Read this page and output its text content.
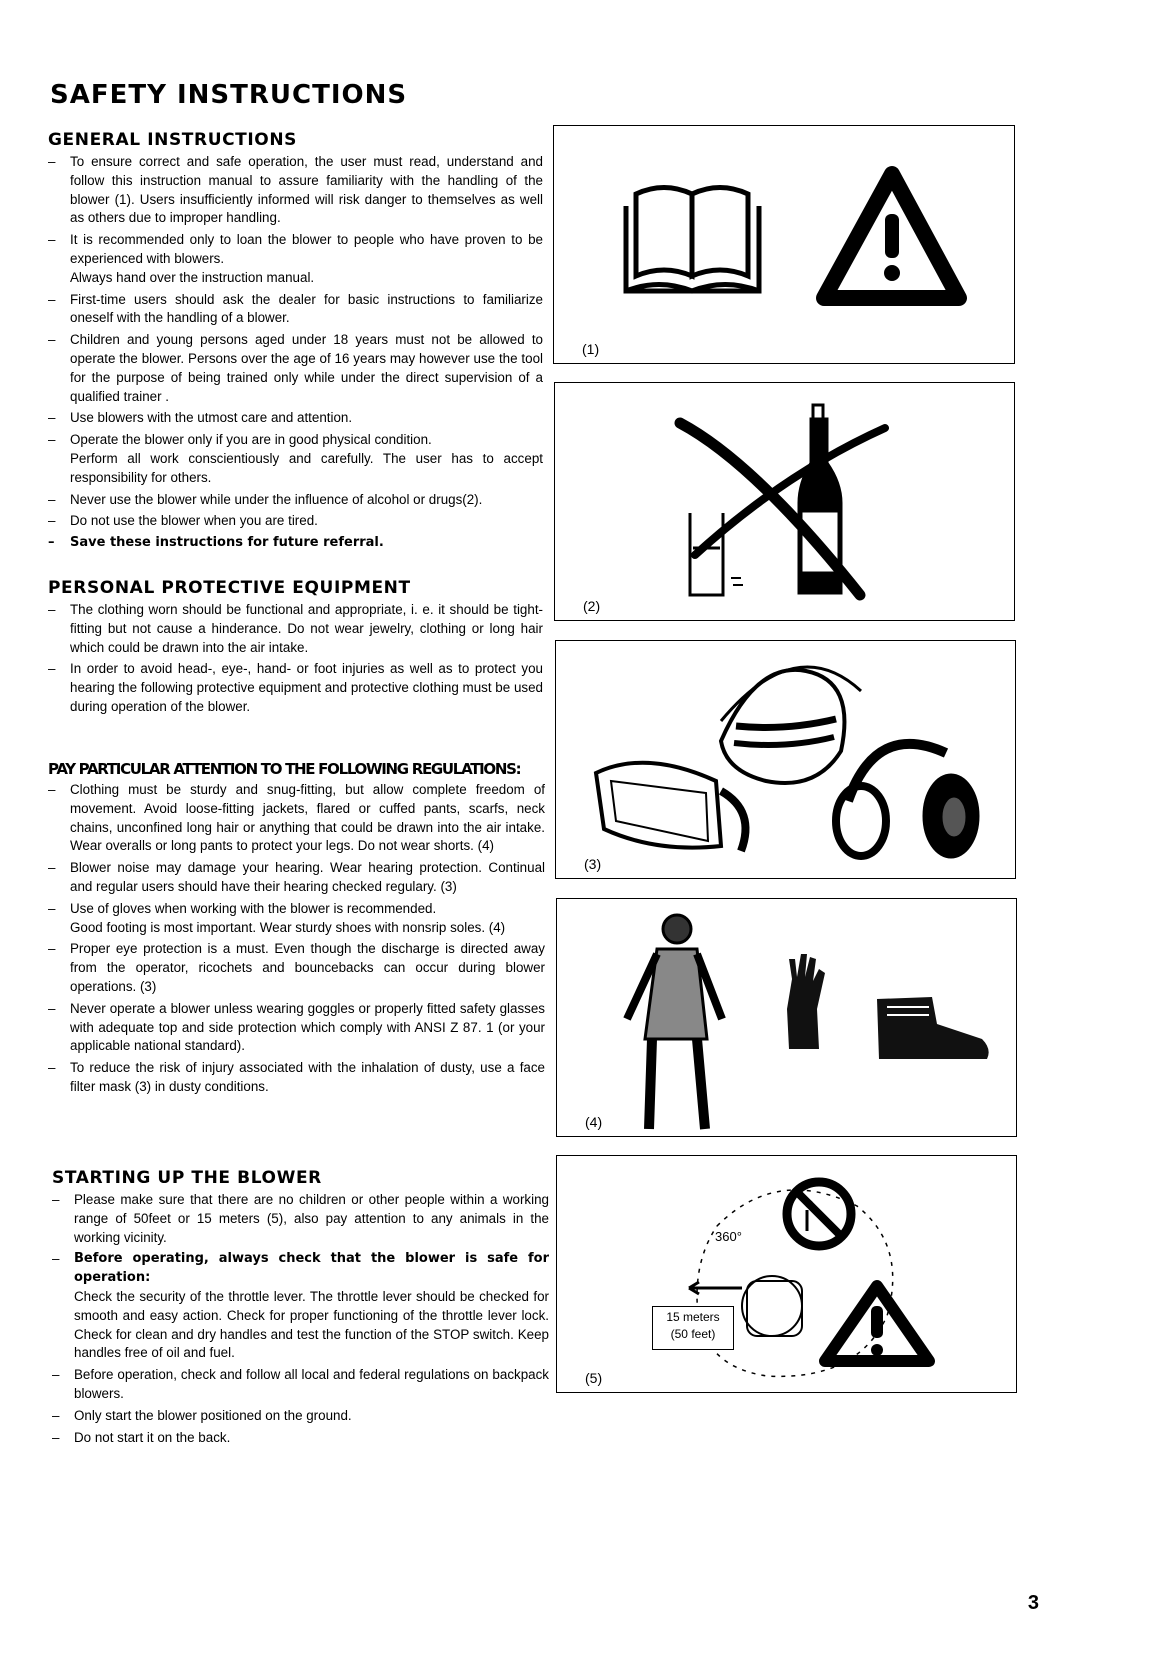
SAFETY INSTRUCTIONS
GENERAL INSTRUCTIONS
– To ensure correct and safe operation, the user must read, understand and follow this instruction manual to assure familiarity with the handling of the blower (1). Users insufficiently informed will risk danger to themselves as well as others due to improper handling.
– It is recommended only to loan the blower to people who have proven to be experienced with blowers.
Always hand over the instruction manual.
– First-time users should ask the dealer for basic instructions to familiarize oneself with the handling of a blower.
– Children and young persons aged under 18 years must not be allowed to operate the blower. Persons over the age of 16 years may however use the tool for the purpose of being trained only while under the direct supervision of a qualified trainer .
– Use blowers with the utmost care and attention.
– Operate the blower only if you are in good physical condition.
Perform all work conscientiously and carefully. The user has to accept responsibility for others.
– Never use the blower while under the influence of alcohol or drugs(2).
– Do not use the blower when you are tired.
– Save these instructions for future referral.
PERSONAL PROTECTIVE EQUIPMENT
– The clothing worn should be functional and appropriate, i. e. it should be tight-fitting but not cause a hinderance. Do not wear jewelry, clothing or long hair which could be drawn into the air intake.
– In order to avoid head-, eye-, hand- or foot injuries as well as to protect you hearing the following protective equipment and protective clothing must be used during operation of the blower.
PAY PARTICULAR ATTENTION TO THE FOLLOWING REGULATIONS:
– Clothing must be sturdy and snug-fitting, but allow complete freedom of movement. Avoid loose-fitting jackets, flared or cuffed pants, scarfs, neck chains, unconfined long hair or anything that could be drawn into the air intake. Wear overalls or long pants to protect your legs. Do not wear shorts. (4)
– Blower noise may damage your hearing. Wear hearing protection. Continual and regular users should have their hearing checked regulary. (3)
– Use of gloves when working with the blower is recommended.
Good footing is most important. Wear sturdy shoes with nonsrip soles. (4)
– Proper eye protection is a must. Even though the discharge is directed away from the operator, ricochets and bouncebacks can occur during blower operations. (3)
– Never operate a blower unless wearing goggles or properly fitted safety glasses with adequate top and side protection which comply with ANSI Z 87. 1 (or your applicable national standard).
– To reduce the risk of injury associated with the inhalation of dusty, use a face filter mask (3) in dusty conditions.
STARTING UP THE BLOWER
– Please make sure that there are no children or other people within a working range of 50feet or 15 meters (5), also pay attention to any animals in the working vicinity.
– Before operating, always check that the blower is safe for operation:
Check the security of the throttle lever. The throttle lever should be checked for smooth and easy action. Check for proper functioning of the throttle lever lock. Check for clean and dry handles and test the function of the STOP switch. Keep handles free of oil and fuel.
– Before operation, check and follow all local and federal regulations on backpack blowers.
– Only start the blower positioned on the ground.
– Do not start it on the back.
(1)
(2)
(3)
(4)
360°
15 meters
(50 feet)
(5)
3
